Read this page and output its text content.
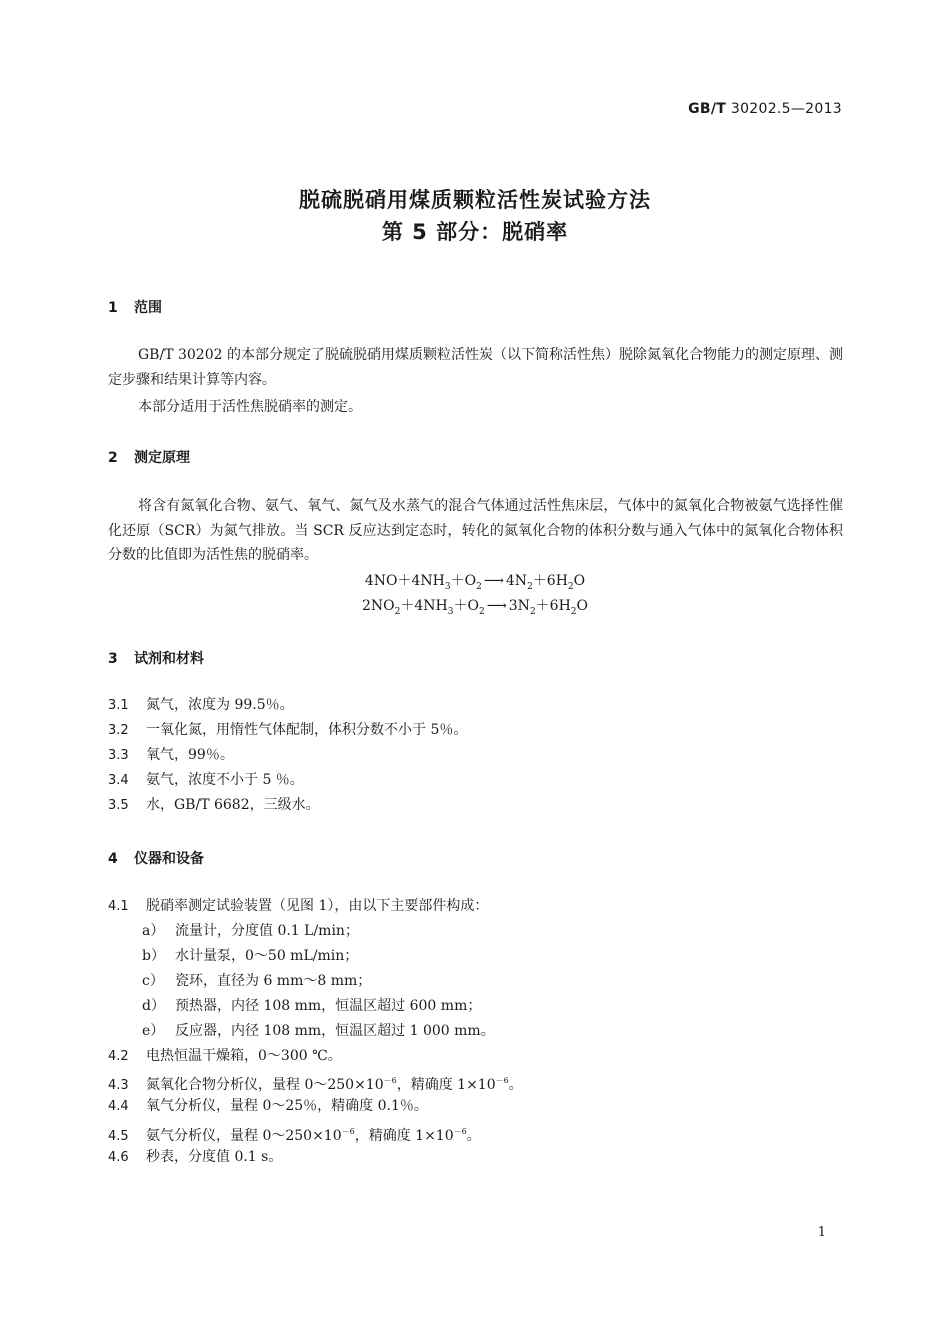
GB/T 30202.5—2013
脱硫脱硝用煤质颗粒活性炭试验方法
第 5 部分：脱硝率
1 范围
GB/T 30202 的本部分规定了脱硫脱硝用煤质颗粒活性炭（以下简称活性焦）脱除氮氧化合物能力的测定原理、测定步骤和结果计算等内容。
本部分适用于活性焦脱硝率的测定。
2 测定原理
将含有氮氧化合物、氨气、氧气、氮气及水蒸气的混合气体通过活性焦床层，气体中的氮氧化合物被氨气选择性催化还原（SCR）为氮气排放。当 SCR 反应达到定态时，转化的氮氧化合物的体积分数与通入气体中的氮氧化合物体积分数的比值即为活性焦的脱硝率。
$4NO+4NH_3+O_2$ ⟶ $4N_2+6H_2O$
$2NO_2+4NH_3+O_2$ ⟶ $3N_2+6H_2O$
3 试剂和材料
3.1 氮气，浓度为 99.5％。
3.2 一氧化氮，用惰性气体配制，体积分数不小于 5％。
3.3 氧气，99％。
3.4 氨气，浓度不小于 5 ％。
3.5 水，GB/T 6682，三级水。
4 仪器和设备
4.1 脱硝率测定试验装置（见图 1），由以下主要部件构成：
a） 流量计，分度值 0.1 L/min；
b） 水计量泵，0～50 mL/min；
c） 瓷环，直径为 6 mm～8 mm；
d） 预热器，内径 108 mm，恒温区超过 600 mm；
e） 反应器，内径 108 mm，恒温区超过 1 000 mm。
4.2 电热恒温干燥箱，0～300 ℃。
4.3 氮氧化合物分析仪，量程 $0\sim 250\times 10^{-6}$，精确度 $1\times 10^{-6}$。
4.4 氧气分析仪，量程 0～25％，精确度 0.1％。
4.5 氨气分析仪，量程 $0\sim 250\times 10^{-6}$，精确度 $1\times 10^{-6}$。
4.6 秒表，分度值 0.1 s。
1
